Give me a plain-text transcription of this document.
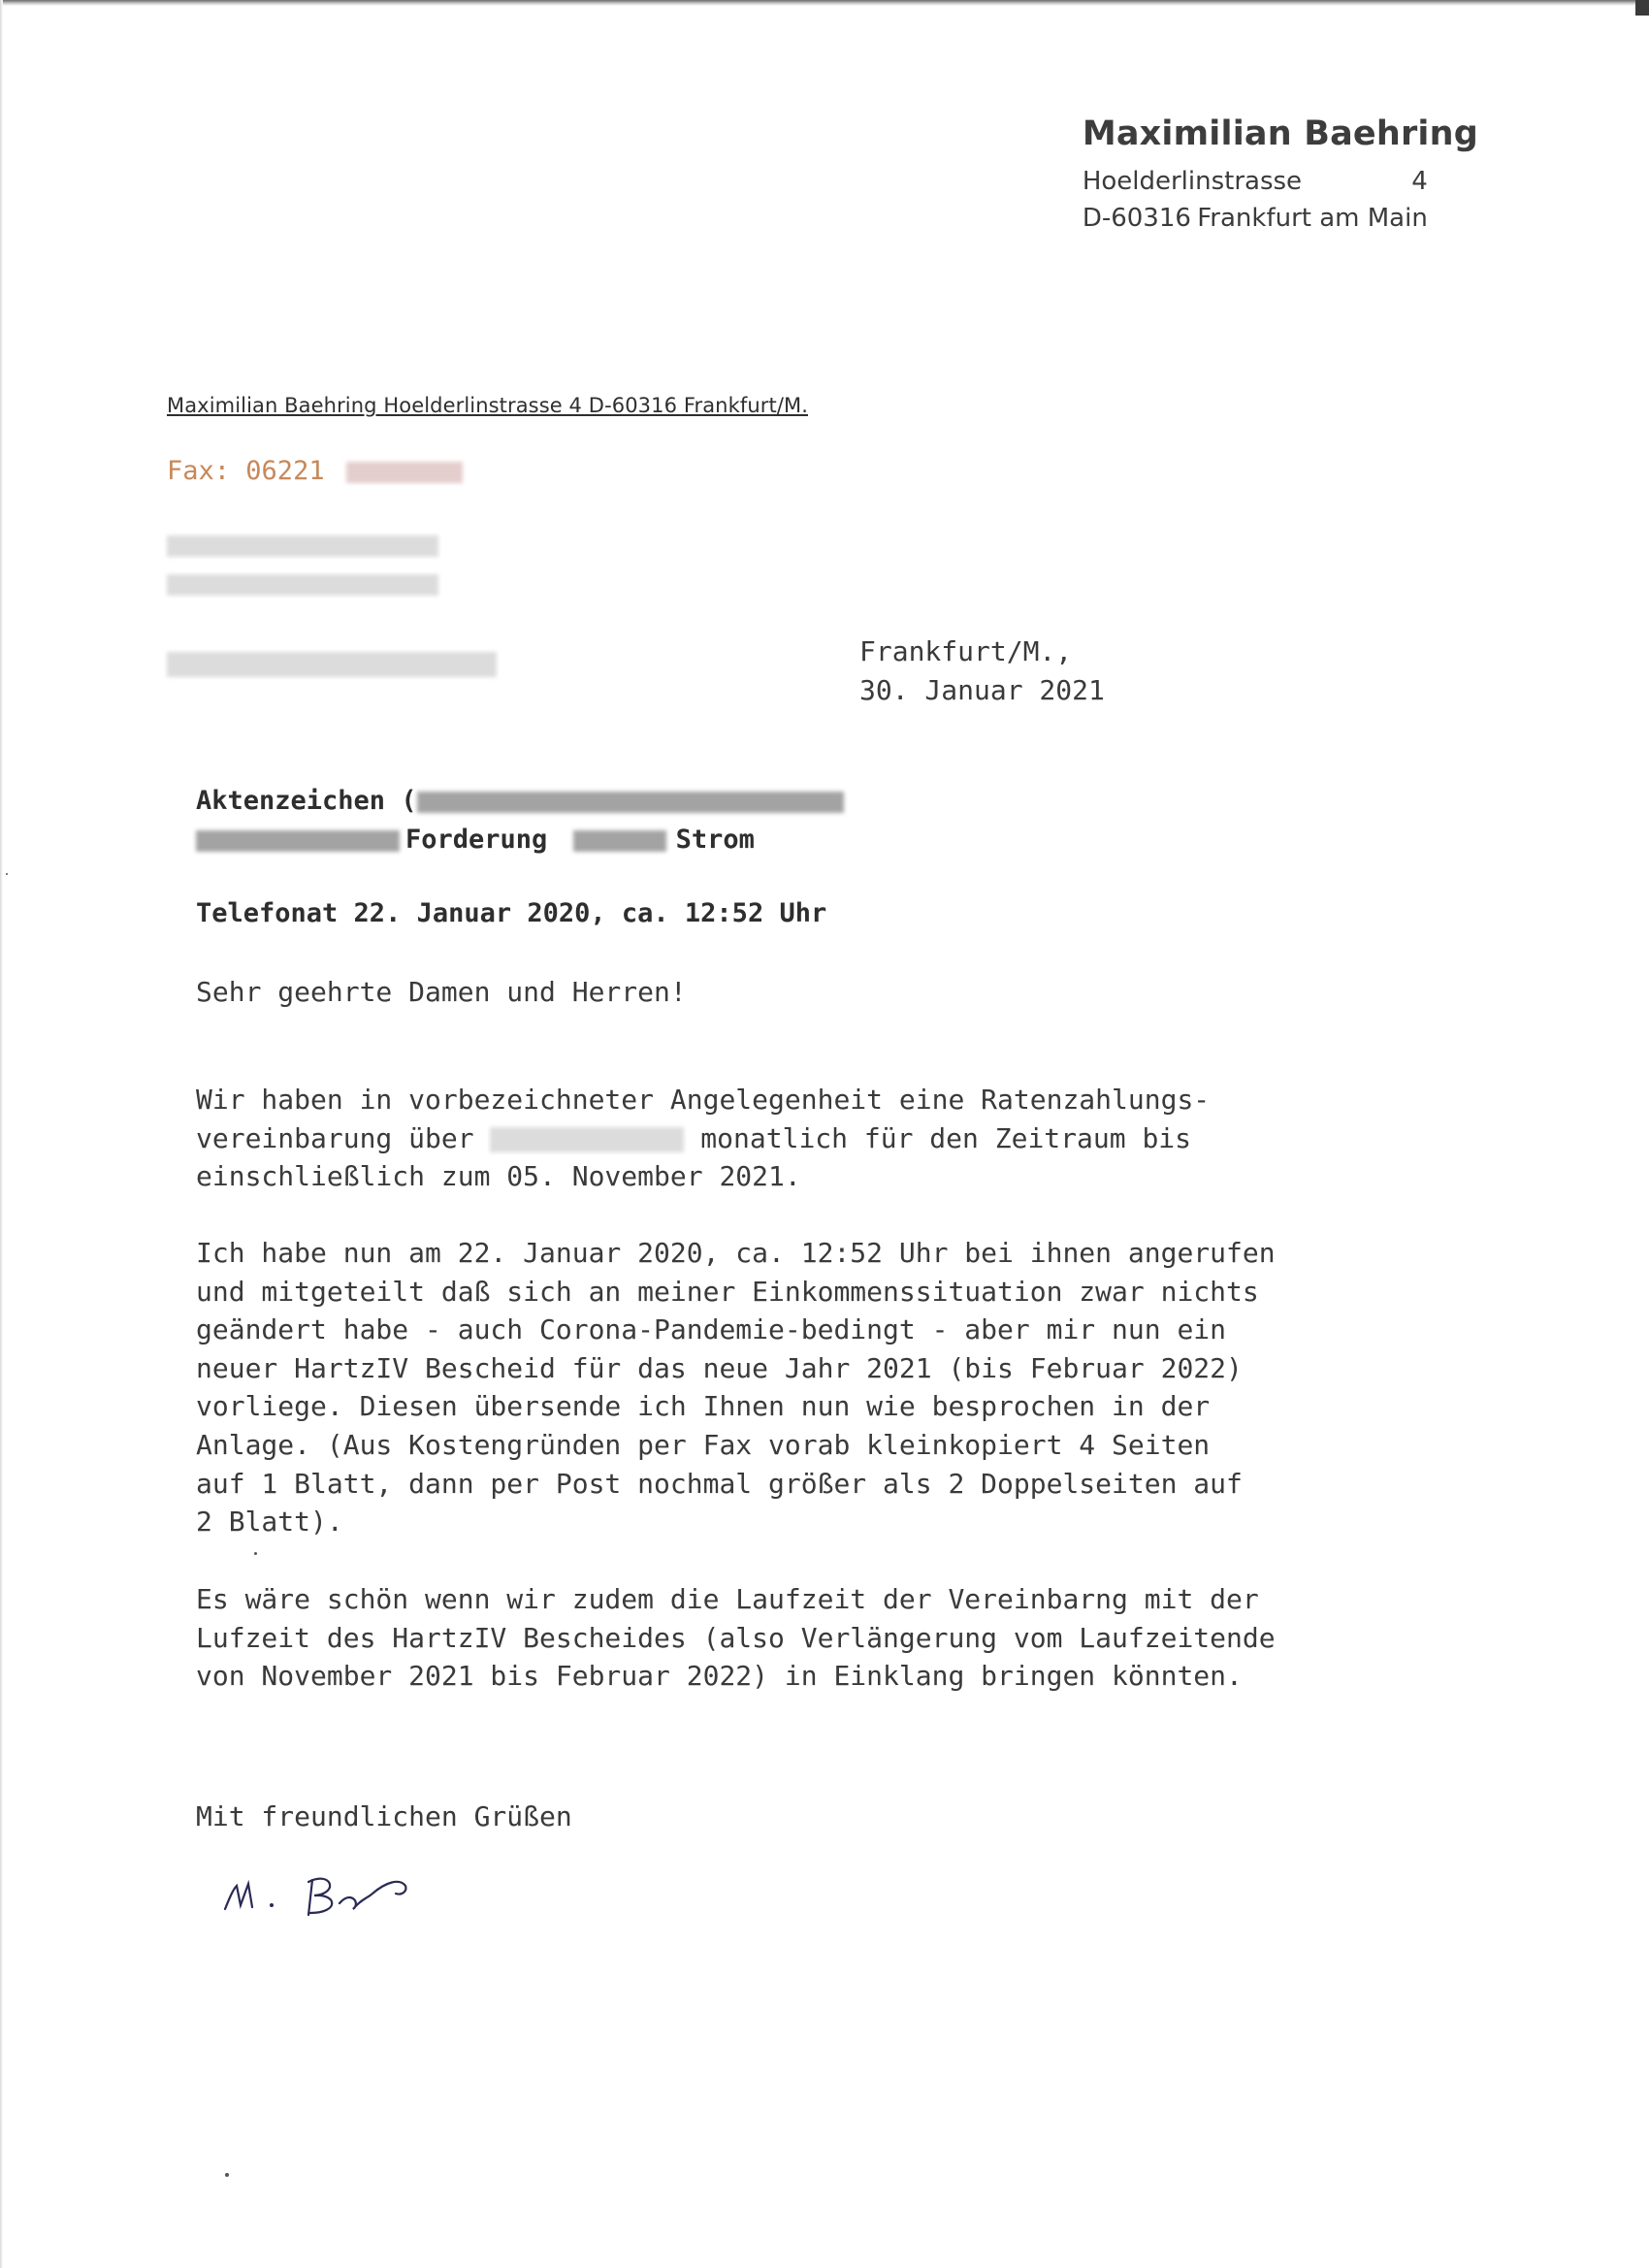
Maximilian Baehring
Hoelderlinstrasse	4
D-60316 Frankfurt am Main
Maximilian Baehring Hoelderlinstrasse 4 D-60316 Frankfurt/M.
Fax: 06221
Frankfurt/M.,
30. Januar 2021
Aktenzeichen (
Forderung	Strom
Telefonat 22. Januar 2020, ca. 12:52 Uhr
Sehr geehrte Damen und Herren!
Wir haben in vorbezeichneter Angelegenheit eine Ratenzahlungs-
vereinbarung über	monatlich für den Zeitraum bis
einschließlich zum 05. November 2021.
Ich habe nun am 22. Januar 2020, ca. 12:52 Uhr bei ihnen angerufen
und mitgeteilt daß sich an meiner Einkommenssituation zwar nichts
geändert habe - auch Corona-Pandemie-bedingt - aber mir nun ein
neuer HartzIV Bescheid für das neue Jahr 2021 (bis Februar 2022)
vorliege. Diesen übersende ich Ihnen nun wie besprochen in der
Anlage. (Aus Kostengründen per Fax vorab kleinkopiert 4 Seiten
auf 1 Blatt, dann per Post nochmal größer als 2 Doppelseiten auf
2 Blatt).
Es wäre schön wenn wir zudem die Laufzeit der Vereinbarng mit der
Lufzeit des HartzIV Bescheides (also Verlängerung vom Laufzeitende
von November 2021 bis Februar 2022) in Einklang bringen könnten.
Mit freundlichen Grüßen
